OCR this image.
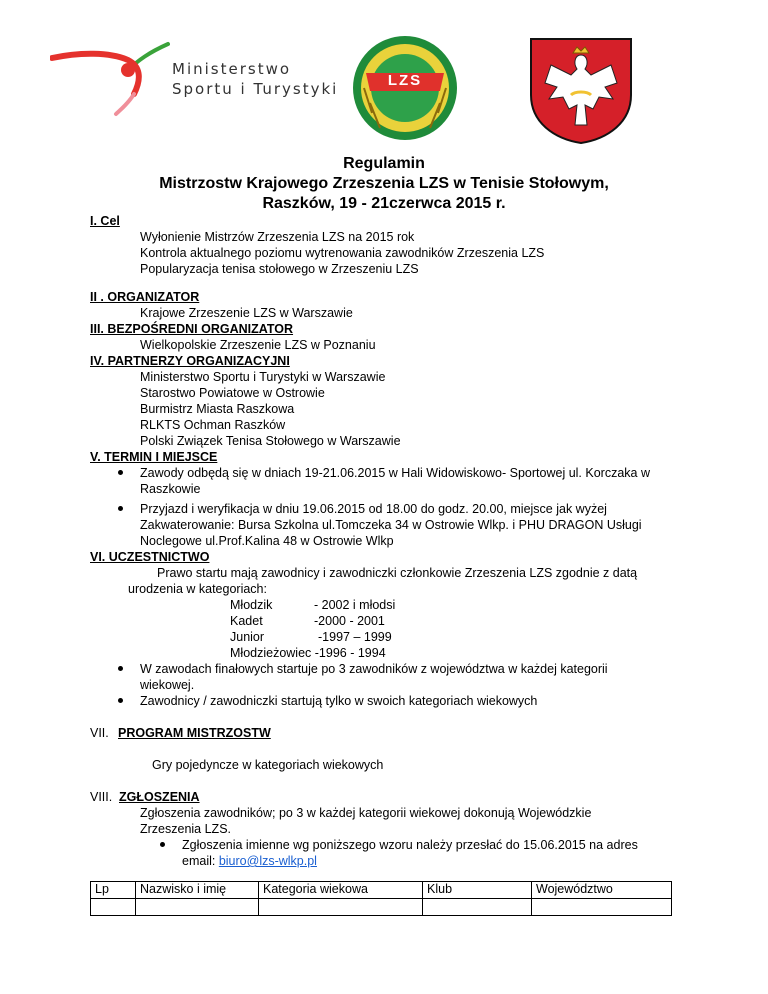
Ministerstwo
Sportu i Turystyki	LZS
Regulamin
Mistrzostw Krajowego Zrzeszenia LZS w Tenisie Stołowym,
Raszków, 19 - 21czerwca 2015 r.
I. Cel
Wyłonienie Mistrzów Zrzeszenia LZS na 2015 rok
Kontrola aktualnego poziomu wytrenowania zawodników Zrzeszenia LZS
Popularyzacja tenisa stołowego w Zrzeszeniu LZS
II . ORGANIZATOR
Krajowe Zrzeszenie LZS w Warszawie
III. BEZPOŚREDNI ORGANIZATOR
Wielkopolskie Zrzeszenie LZS w Poznaniu
IV. PARTNERZY ORGANIZACYJNI
Ministerstwo Sportu i Turystyki w Warszawie
Starostwo Powiatowe w Ostrowie
Burmistrz Miasta Raszkowa
RLKTS Ochman Raszków
Polski Związek Tenisa Stołowego w Warszawie
V. TERMIN I MIEJSCE
Zawody odbędą się w dniach 19-21.06.2015 w Hali Widowiskowo- Sportowej ul. Korczaka w
Raszkowie
Przyjazd i weryfikacja w dniu 19.06.2015 od 18.00 do godz. 20.00, miejsce jak wyżej
Zakwaterowanie: Bursa Szkolna ul.Tomczeka 34 w Ostrowie Wlkp. i PHU DRAGON Usługi
Noclegowe ul.Prof.Kalina 48 w Ostrowie Wlkp
VI. UCZESTNICTWO
Prawo startu mają zawodnicy i zawodniczki członkowie Zrzeszenia LZS zgodnie z datą
urodzenia w kategoriach:
Młodzik	- 2002 i młodsi
Kadet	-2000 - 2001
Junior	-1997 – 1999
Młodzieżowiec -1996 - 1994
W zawodach finałowych startuje po 3 zawodników z województwa w każdej kategorii
wiekowej.
Zawodnicy / zawodniczki startują tylko w swoich kategoriach wiekowych
VII. PROGRAM MISTRZOSTW
Gry pojedyncze w kategoriach wiekowych
VIII. ZGŁOSZENIA
Zgłoszenia zawodników; po 3 w każdej kategorii wiekowej dokonują Wojewódzkie
Zrzeszenia LZS.
Zgłoszenia imienne wg poniższego wzoru należy przesłać do 15.06.2015 na adres
email: biuro@lzs-wlkp.pl
Lp	Nazwisko i imię	Kategoria wiekowa	Klub	Województwo
